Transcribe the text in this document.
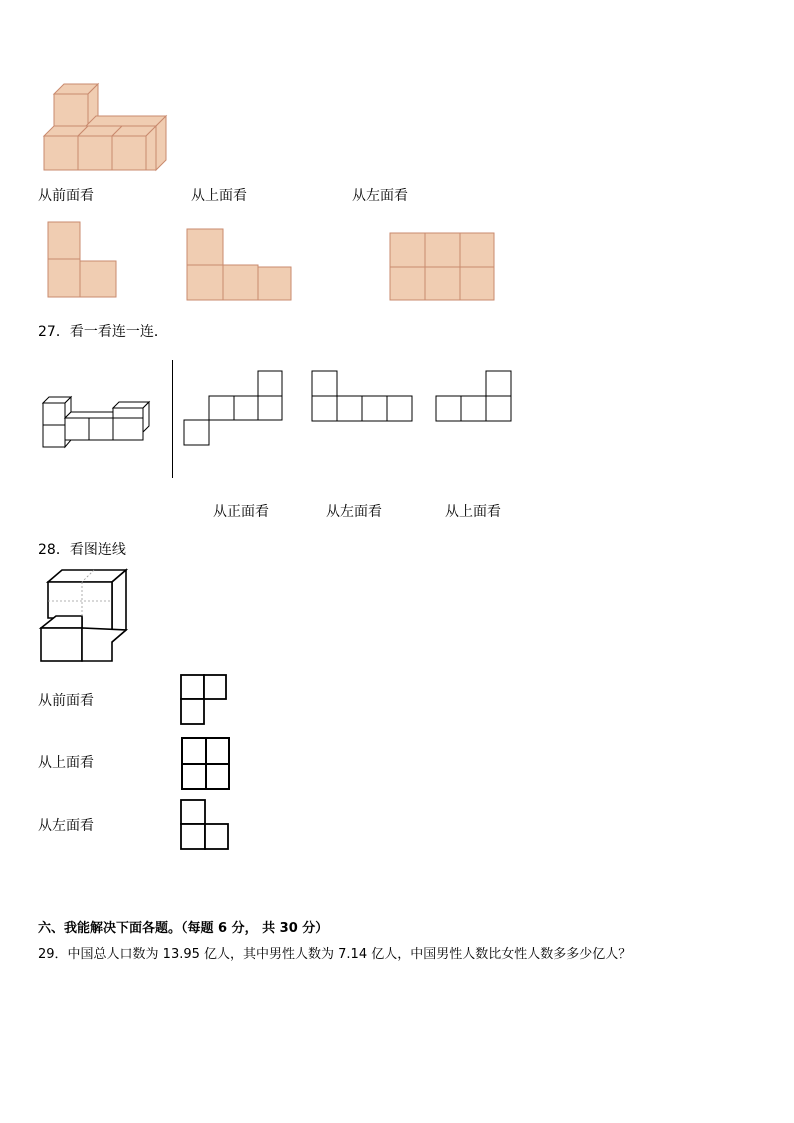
从前面看	从上面看	从左面看
27．看一看连一连．
从正面看	从左面看	从上面看
28．看图连线
从前面看
从上面看
从左面看
六、我能解决下面各题。（每题 6 分， 共 30 分）
29．中国总人口数为 13.95 亿人，其中男性人数为 7.14 亿人，中国男性人数比女性人数多多少亿人？
